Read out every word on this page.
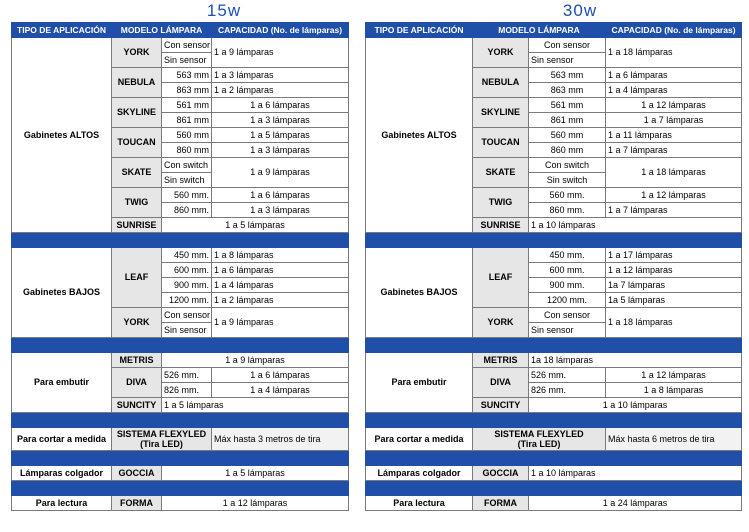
15w
TIPO DE APLICACIÓN	MODELO LÁMPARA		CAPACIDAD (No. de lámparas)
Gabinetes ALTOS	YORK	Con sensor	1 a 9 lámparas
		Sin sensor	
	NEBULA	563 mm	1 a 3 lámparas
		863 mm	1 a 2 lámparas
	SKYLINE	561 mm	1 a 6 lámparas
		861 mm	1 a 3 lámparas
	TOUCAN	560 mm	1 a 5 lámparas
		860 mm	1 a 3 lámparas
	SKATE	Con switch	1 a 9 lámparas
		Sin switch	
	TWIG	560 mm.	1 a 6 lámparas
		860 mm.	1 a 3 lámparas
	SUNRISE	1 a 5 lámparas	

Gabinetes BAJOS	LEAF	450 mm.	1 a 8 lámparas
		600 mm.	1 a 6 lámparas
		900 mm.	1 a 4 lámparas
		1200 mm.	1 a 2 lámparas
	YORK	Con sensor	1 a 9 lámparas
		Sin sensor	

Para embutir	METRIS	1 a 9 lámparas	
	DIVA	526 mm.	1 a 6 lámparas
		826 mm.	1 a 4 lámparas
	SUNCITY	1 a 5 lámparas	

Para cortar a medida	SISTEMA FLEXYLED
(Tira LED)		Máx hasta 3 metros de tira

Lámparas colgador	GOCCIA	1 a 5 lámparas	

Para lectura	FORMA	1 a 12 lámparas	
30w
TIPO DE APLICACIÓN	MODELO LÁMPARA		CAPACIDAD (No. de lámparas)
Gabinetes ALTOS	YORK	Con sensor	1 a 18 lámparas
		Sin sensor	
	NEBULA	563 mm	1 a 6 lámparas
		863 mm	1 a 4 lámparas
	SKYLINE	561 mm	1 a 12 lámparas
		861 mm	1 a 7 lámparas
	TOUCAN	560 mm	1 a 11 lámparas
		860 mm	1 a 7 lámparas
	SKATE	Con switch	1 a 18 lámparas
		Sin switch	
	TWIG	560 mm.	1 a 12 lámparas
		860 mm.	1 a 7 lámparas
	SUNRISE	1 a 10 lámparas	

Gabinetes BAJOS	LEAF	450 mm.	1 a 17 lámparas
		600 mm.	1 a 12 lámparas
		900 mm.	1a 7 lámparas
		1200 mm.	1a 5 lámparas
	YORK	Con sensor	1 a 18 lámparas
		Sin sensor	

Para embutir	METRIS	1a 18 lámparas	
	DIVA	526 mm.	1 a 12 lámparas
		826 mm.	1 a 8 lámparas
	SUNCITY	1 a 10 lámparas	

Para cortar a medida	SISTEMA FLEXYLED
(Tira LED)		Máx hasta 6 metros de tira

Lámparas colgador	GOCCIA	1 a 10 lámparas	

Para lectura	FORMA	1 a 24 lámparas	
